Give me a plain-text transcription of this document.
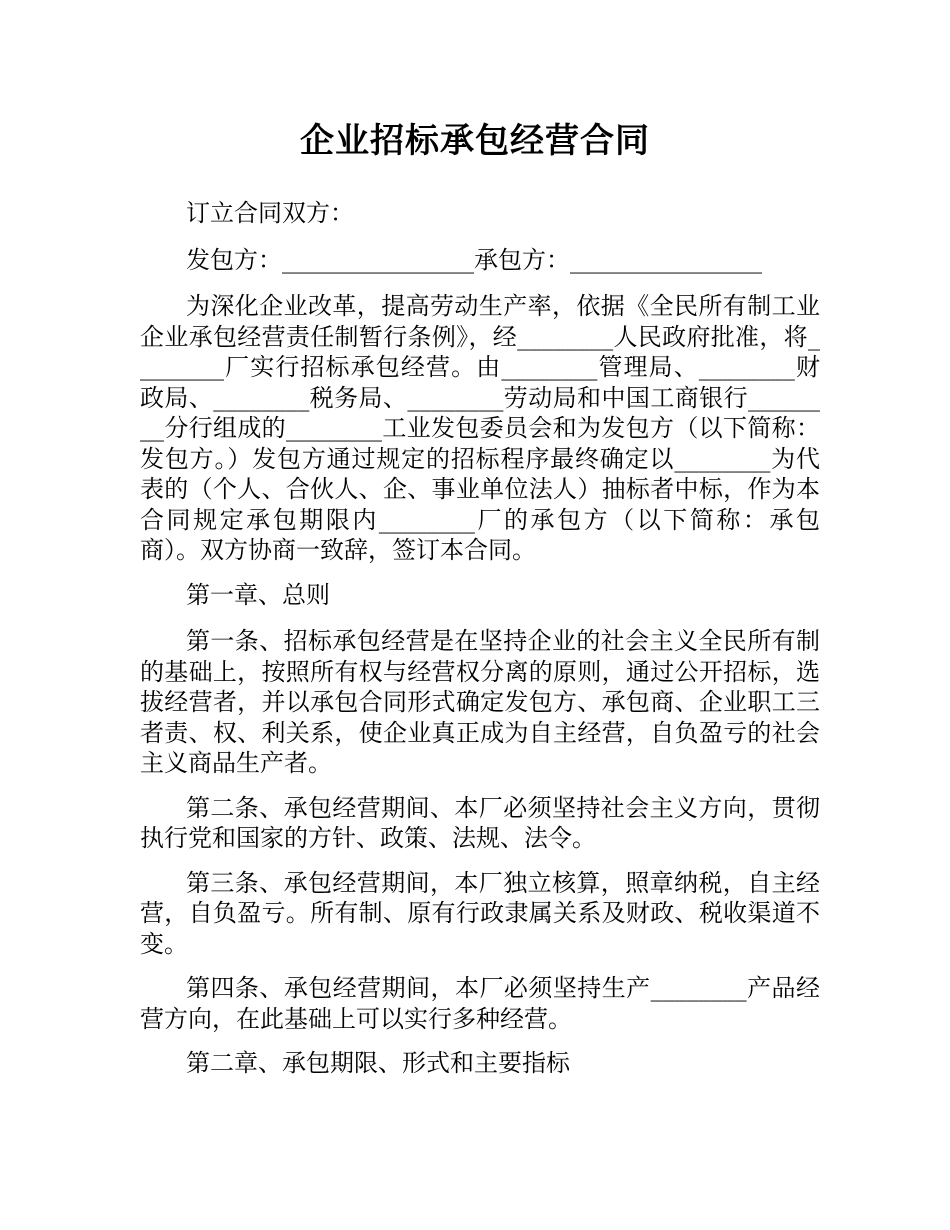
企业招标承包经营合同

订立合同双方：

发包方：________________承包方：________________

为深化企业改革，提高劳动生产率，依据《全民所有制工业企业承包经营责任制暂行条例》，经________人民政府批准，将________厂实行招标承包经营。由________管理局、________财政局、________税务局、________劳动局和中国工商银行________分行组成的________工业发包委员会和为发包方（以下简称：发包方。）发包方通过规定的招标程序最终确定以________为代表的（个人、合伙人、企、事业单位法人）抽标者中标，作为本合同规定承包期限内________厂的承包方（以下简称：承包商）。双方协商一致辞，签订本合同。

第一章、总则

第一条、招标承包经营是在坚持企业的社会主义全民所有制的基础上，按照所有权与经营权分离的原则，通过公开招标，选拔经营者，并以承包合同形式确定发包方、承包商、企业职工三者责、权、利关系，使企业真正成为自主经营，自负盈亏的社会主义商品生产者。

第二条、承包经营期间、本厂必须坚持社会主义方向，贯彻执行党和国家的方针、政策、法规、法令。

第三条、承包经营期间，本厂独立核算，照章纳税，自主经营，自负盈亏。所有制、原有行政隶属关系及财政、税收渠道不变。

第四条、承包经营期间，本厂必须坚持生产________产品经营方向，在此基础上可以实行多种经营。

第二章、承包期限、形式和主要指标
